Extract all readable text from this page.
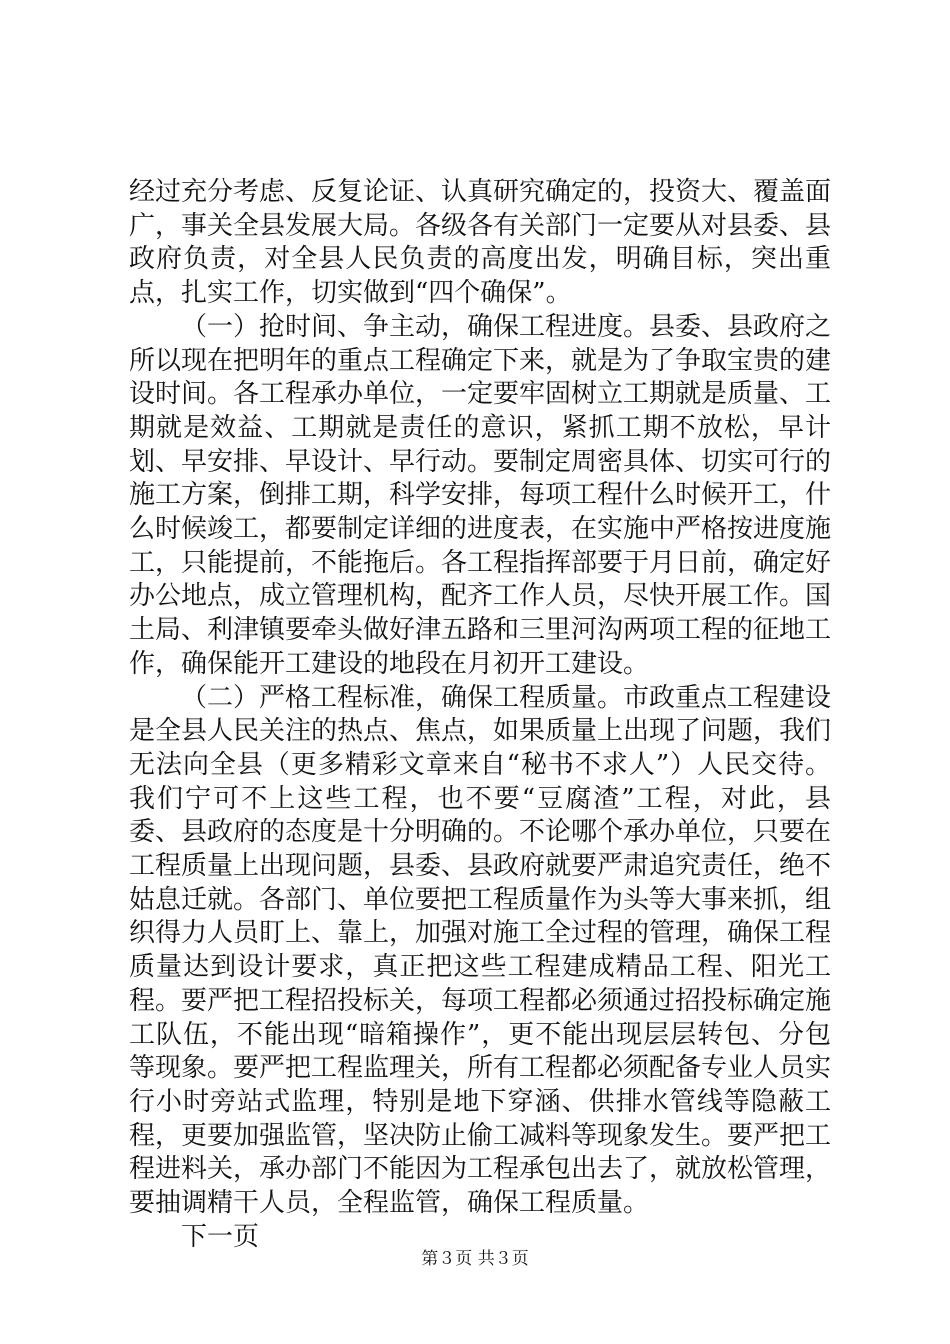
经过充分考虑、反复论证、认真研究确定的，投资大、覆盖面广，事关全县发展大局。各级各有关部门一定要从对县委、县政府负责，对全县人民负责的高度出发，明确目标，突出重点，扎实工作，切实做到“四个确保”。

（一）抢时间、争主动，确保工程进度。县委、县政府之所以现在把明年的重点工程确定下来，就是为了争取宝贵的建设时间。各工程承办单位，一定要牢固树立工期就是质量、工期就是效益、工期就是责任的意识，紧抓工期不放松，早计划、早安排、早设计、早行动。要制定周密具体、切实可行的施工方案，倒排工期，科学安排，每项工程什么时候开工，什么时候竣工，都要制定详细的进度表，在实施中严格按进度施工，只能提前，不能拖后。各工程指挥部要于月日前，确定好办公地点，成立管理机构，配齐工作人员，尽快开展工作。国土局、利津镇要牵头做好津五路和三里河沟两项工程的征地工作，确保能开工建设的地段在月初开工建设。

（二）严格工程标准，确保工程质量。市政重点工程建设是全县人民关注的热点、焦点，如果质量上出现了问题，我们无法向全县（更多精彩文章来自“秘书不求人”）人民交待。我们宁可不上这些工程，也不要“豆腐渣”工程，对此，县委、县政府的态度是十分明确的。不论哪个承办单位，只要在工程质量上出现问题，县委、县政府就要严肃追究责任，绝不姑息迁就。各部门、单位要把工程质量作为头等大事来抓，组织得力人员盯上、靠上，加强对施工全过程的管理，确保工程质量达到设计要求，真正把这些工程建成精品工程、阳光工程。要严把工程招投标关，每项工程都必须通过招投标确定施工队伍，不能出现“暗箱操作”，更不能出现层层转包、分包等现象。要严把工程监理关，所有工程都必须配备专业人员实行小时旁站式监理，特别是地下穿涵、供排水管线等隐蔽工程，更要加强监管，坚决防止偷工减料等现象发生。要严把工程进料关，承办部门不能因为工程承包出去了，就放松管理，要抽调精干人员，全程监管，确保工程质量。

下一页

第３页 共３页
